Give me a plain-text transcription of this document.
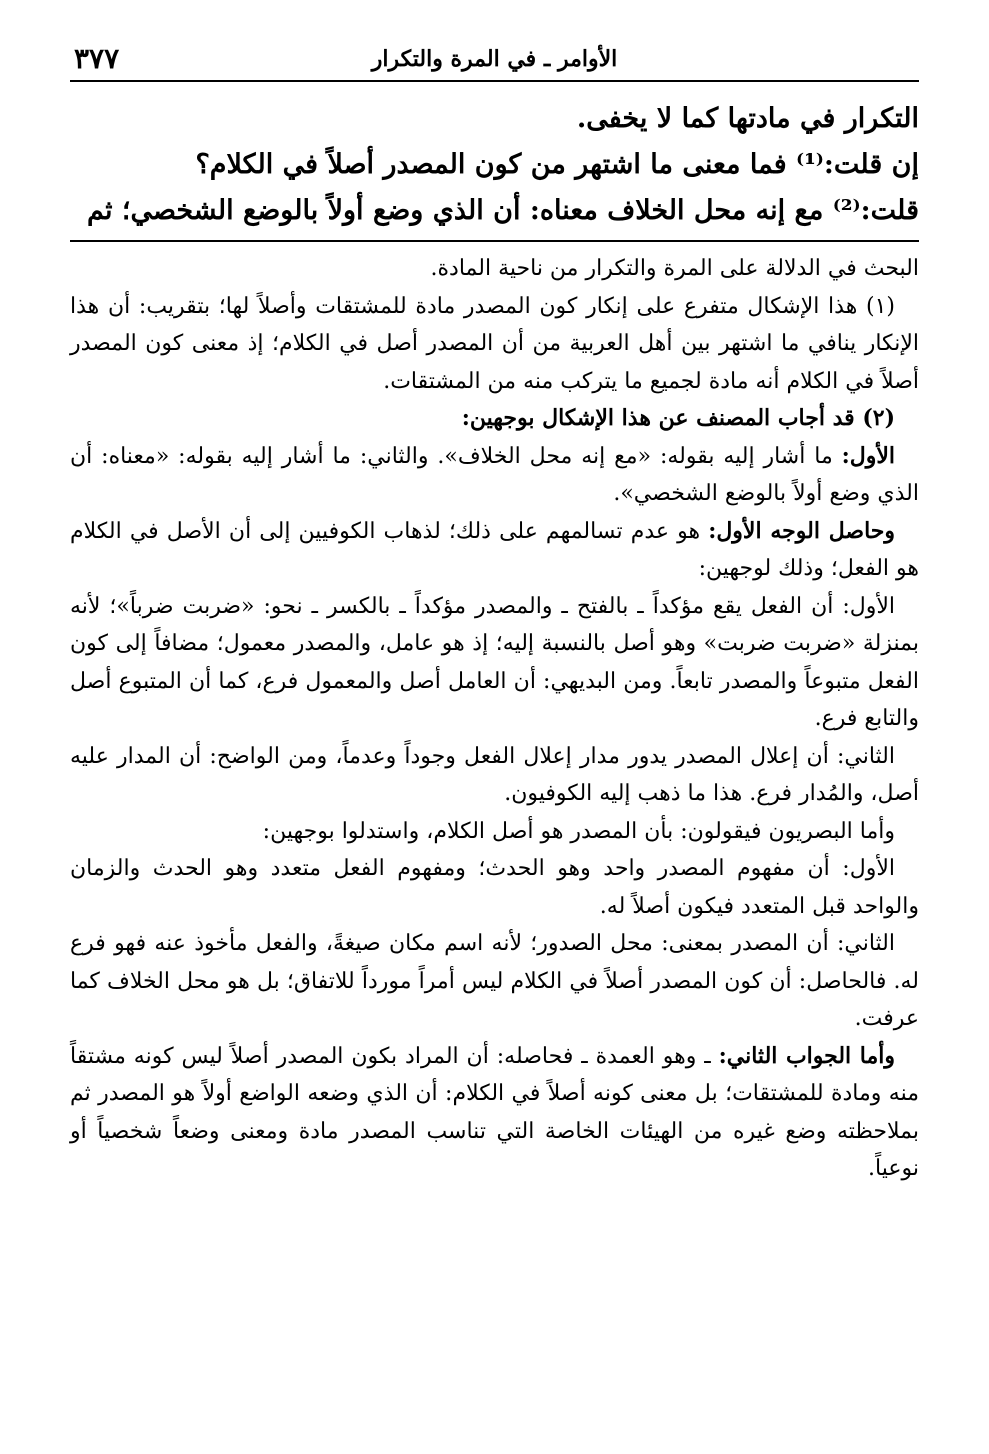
٣٧٧	الأوامر ـ في المرة والتكرار

التكرار في مادتها كما لا يخفى.

إن قلت:⁽¹⁾ فما معنى ما اشتهر من كون المصدر أصلاً في الكلام؟

قلت:⁽²⁾ مع إنه محل الخلاف معناه: أن الذي وضع أولاً بالوضع الشخصي؛ ثم

البحث في الدلالة على المرة والتكرار من ناحية المادة.

(١) هذا الإشكال متفرع على إنكار كون المصدر مادة للمشتقات وأصلاً لها؛ بتقريب: أن هذا الإنكار ينافي ما اشتهر بين أهل العربية من أن المصدر أصل في الكلام؛ إذ معنى كون المصدر أصلاً في الكلام أنه مادة لجميع ما يتركب منه من المشتقات.

(٢) قد أجاب المصنف عن هذا الإشكال بوجهين:

الأول: ما أشار إليه بقوله: «مع إنه محل الخلاف». والثاني: ما أشار إليه بقوله: «معناه: أن الذي وضع أولاً بالوضع الشخصي».

وحاصل الوجه الأول: هو عدم تسالمهم على ذلك؛ لذهاب الكوفيين إلى أن الأصل في الكلام هو الفعل؛ وذلك لوجهين:

الأول: أن الفعل يقع مؤكداً ـ بالفتح ـ والمصدر مؤكداً ـ بالكسر ـ نحو: «ضربت ضرباً»؛ لأنه بمنزلة «ضربت ضربت» وهو أصل بالنسبة إليه؛ إذ هو عامل، والمصدر معمول؛ مضافاً إلى كون الفعل متبوعاً والمصدر تابعاً. ومن البديهي: أن العامل أصل والمعمول فرع، كما أن المتبوع أصل والتابع فرع.

الثاني: أن إعلال المصدر يدور مدار إعلال الفعل وجوداً وعدماً، ومن الواضح: أن المدار عليه أصل، والمُدار فرع. هذا ما ذهب إليه الكوفيون.

وأما البصريون فيقولون: بأن المصدر هو أصل الكلام، واستدلوا بوجهين:

الأول: أن مفهوم المصدر واحد وهو الحدث؛ ومفهوم الفعل متعدد وهو الحدث والزمان والواحد قبل المتعدد فيكون أصلاً له.

الثاني: أن المصدر بمعنى: محل الصدور؛ لأنه اسم مكان صيغةً، والفعل مأخوذ عنه فهو فرع له. فالحاصل: أن كون المصدر أصلاً في الكلام ليس أمراً مورداً للاتفاق؛ بل هو محل الخلاف كما عرفت.

وأما الجواب الثاني: ـ وهو العمدة ـ فحاصله: أن المراد بكون المصدر أصلاً ليس كونه مشتقاً منه ومادة للمشتقات؛ بل معنى كونه أصلاً في الكلام: أن الذي وضعه الواضع أولاً هو المصدر ثم بملاحظته وضع غيره من الهيئات الخاصة التي تناسب المصدر مادة ومعنى وضعاً شخصياً أو نوعياً.
